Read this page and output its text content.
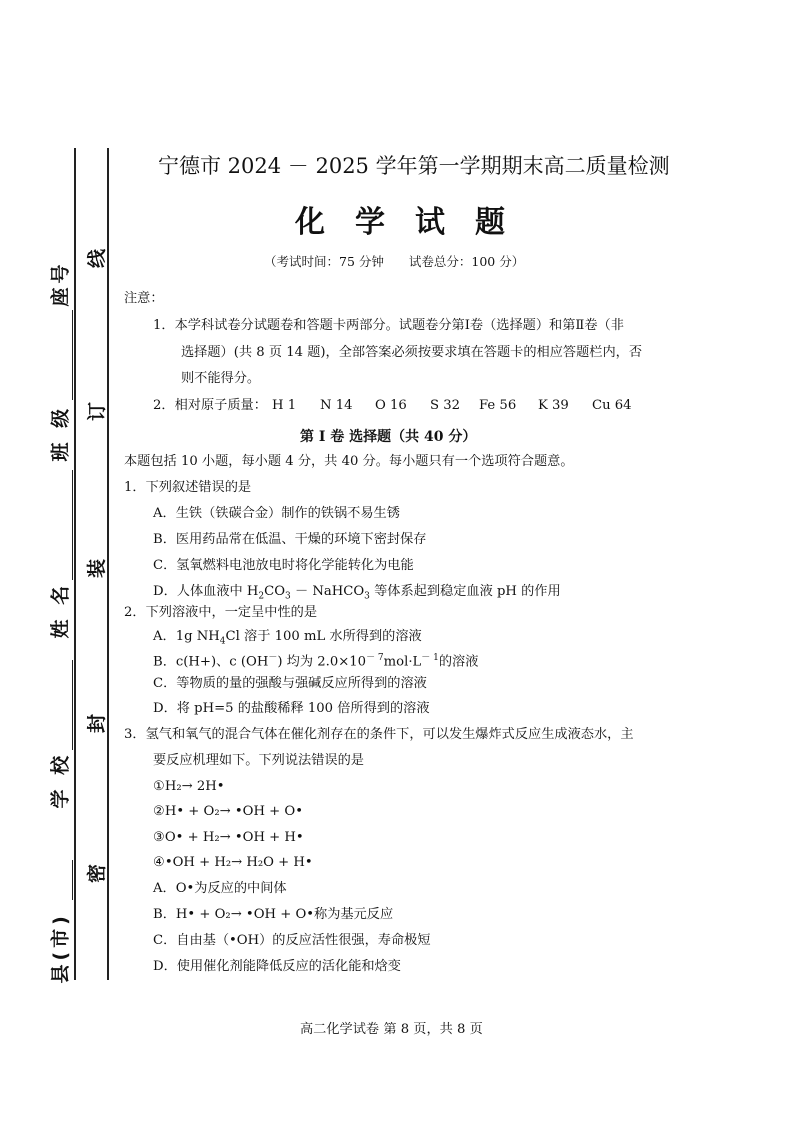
县(市)
学 校
姓 名
班 级
座号
密
封
装
订
线
宁德市 2024 － 2025 学年第一学期期末高二质量检测
化　学　试　题
（考试时间：75 分钟　　试卷总分：100 分）
注意：
1．本学科试卷分试题卷和答题卡两部分。试题卷分第Ⅰ卷（选择题）和第Ⅱ卷（非
选择题）(共 8 页 14 题)，全部答案必须按要求填在答题卡的相应答题栏内，否
则不能得分。
2．相对原子质量： H 1 N 14 O 16 S 32 Fe 56 K 39 Cu 64
第 I 卷 选择题（共 40 分）
本题包括 10 小题，每小题 4 分，共 40 分。每小题只有一个选项符合题意。
1．下列叙述错误的是
A．生铁（铁碳合金）制作的铁锅不易生锈
B．医用药品常在低温、干燥的环境下密封保存
C．氢氧燃料电池放电时将化学能转化为电能
D．人体血液中 $H_2CO_3$ － NaHCO$_3$ 等体系起到稳定血液 pH 的作用
2．下列溶液中，一定呈中性的是
A．1g $NH_4Cl$ 溶于 100 mL 水所得到的溶液
B．c(H+)、c (OH－) 均为 $2.0\times 10^{- 7}mol\cdot L^{- 1}$的溶液
C．等物质的量的强酸与强碱反应所得到的溶液
D．将 pH=5 的盐酸稀释 100 倍所得到的溶液
3．氢气和氧气的混合气体在催化剂存在的条件下，可以发生爆炸式反应生成液态水，主
要反应机理如下。下列说法错误的是
①H₂→ 2H•
②H• + O₂→ •OH + O•
③O• + H₂→ •OH + H•
④•OH + H₂→ H₂O + H•
A．O•为反应的中间体
B．H• + O₂→ •OH + O•称为基元反应
C．自由基（•OH）的反应活性很强，寿命极短
D．使用催化剂能降低反应的活化能和焓变
高二化学试卷 第 8 页，共 8 页
